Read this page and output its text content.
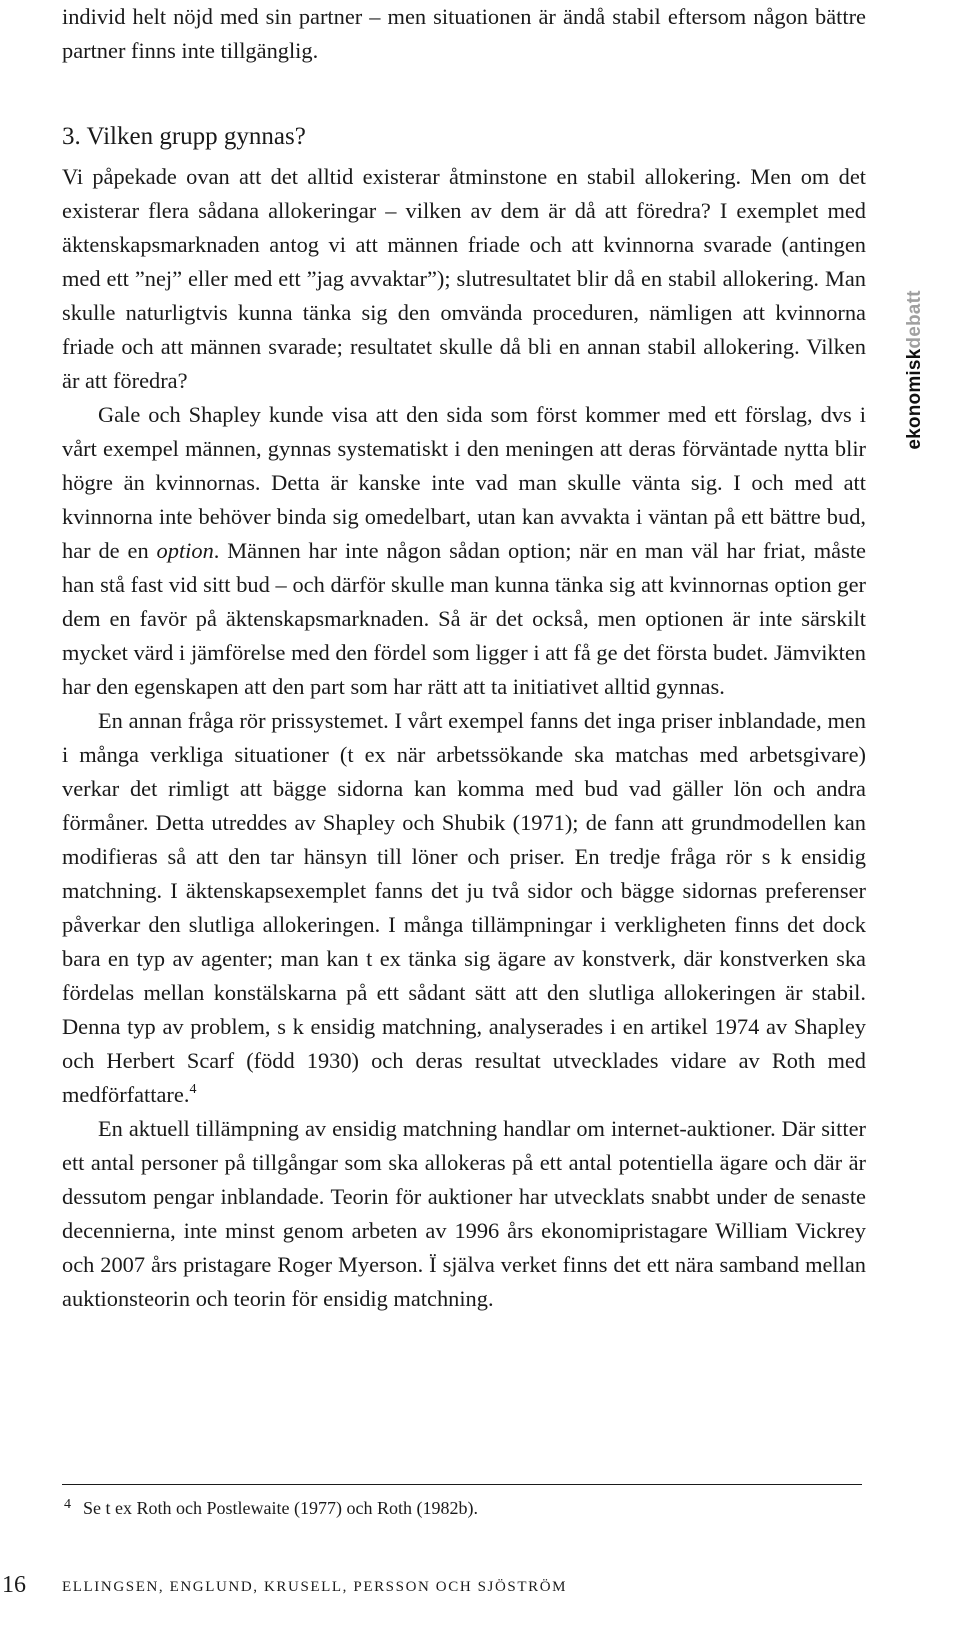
individ helt nöjd med sin partner – men situationen är ändå stabil eftersom någon bättre partner finns inte tillgänglig.

3. Vilken grupp gynnas?

Vi påpekade ovan att det alltid existerar åtminstone en stabil allokering. Men om det existerar flera sådana allokeringar – vilken av dem är då att föredra? I exemplet med äktenskapsmarknaden antog vi att männen friade och att kvinnorna svarade (antingen med ett ”nej” eller med ett ”jag avvaktar”); slutresultatet blir då en stabil allokering. Man skulle naturligtvis kunna tänka sig den omvända proceduren, nämligen att kvinnorna friade och att männen svarade; resultatet skulle då bli en annan stabil allokering. Vilken är att föredra?

Gale och Shapley kunde visa att den sida som först kommer med ett förslag, dvs i vårt exempel männen, gynnas systematiskt i den meningen att deras förväntade nytta blir högre än kvinnornas. Detta är kanske inte vad man skulle vänta sig. I och med att kvinnorna inte behöver binda sig omedelbart, utan kan avvakta i väntan på ett bättre bud, har de en option. Männen har inte någon sådan option; när en man väl har friat, måste han stå fast vid sitt bud – och därför skulle man kunna tänka sig att kvinnornas option ger dem en favör på äktenskapsmarknaden. Så är det också, men optionen är inte särskilt mycket värd i jämförelse med den fördel som ligger i att få ge det första budet. Jämvikten har den egenskapen att den part som har rätt att ta initiativet alltid gynnas.

En annan fråga rör prissystemet. I vårt exempel fanns det inga priser inblandade, men i många verkliga situationer (t ex när arbetssökande ska matchas med arbetsgivare) verkar det rimligt att bägge sidorna kan komma med bud vad gäller lön och andra förmåner. Detta utreddes av Shapley och Shubik (1971); de fann att grundmodellen kan modifieras så att den tar hänsyn till löner och priser. En tredje fråga rör s k ensidig matchning. I äktenskapsexemplet fanns det ju två sidor och bägge sidornas preferenser påverkar den slutliga allokeringen. I många tillämpningar i verkligheten finns det dock bara en typ av agenter; man kan t ex tänka sig ägare av konstverk, där konstverken ska fördelas mellan konstälskarna på ett sådant sätt att den slutliga allokeringen är stabil. Denna typ av problem, s k ensidig matchning, analyserades i en artikel 1974 av Shapley och Herbert Scarf (född 1930) och deras resultat utvecklades vidare av Roth med medförfattare.$^4$

En aktuell tillämpning av ensidig matchning handlar om internet-auktioner. Där sitter ett antal personer på tillgångar som ska allokeras på ett antal potentiella ägare och där är dessutom pengar inblandade. Teorin för auktioner har utvecklats snabbt under de senaste decennierna, inte minst genom arbeten av 1996 års ekonomipristagare William Vickrey och 2007 års pristagare Roger Myerson. Ï själva verket finns det ett nära samband mellan auktionsteorin och teorin för ensidig matchning.

ekonomiskdebatt
$^4$ Se t ex Roth och Postlewaite (1977) och Roth (1982b).
16 ELLINGSEN, ENGLUND, KRUSELL, PERSSON OCH SJÖSTRÖM
